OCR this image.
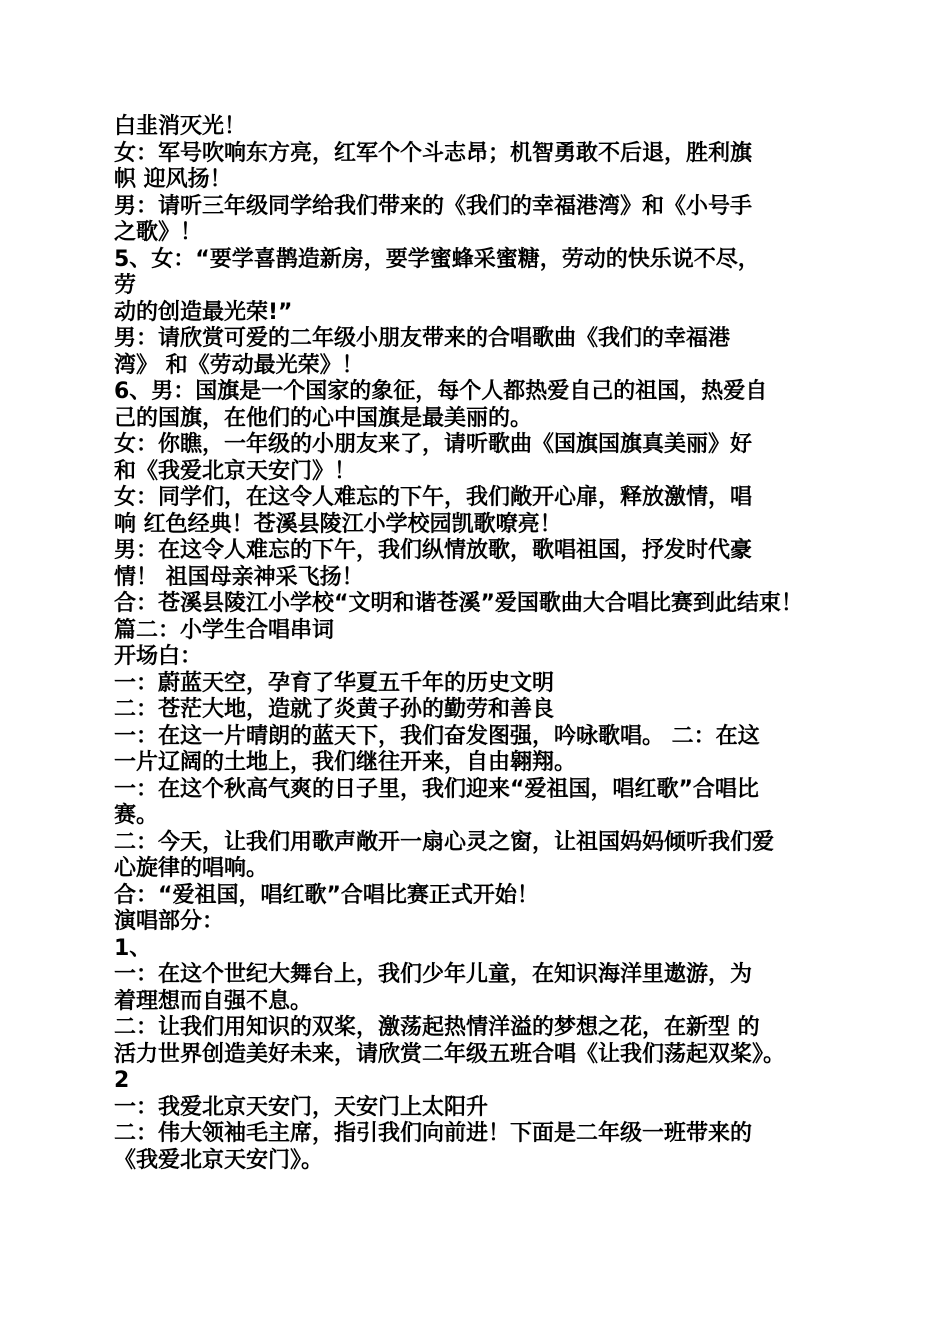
白韭消灭光！
女：军号吹响东方亮，红军个个斗志昂；机智勇敢不后退，胜利旗
帜 迎风扬！
男：请听三年级同学给我们带来的《我们的幸福港湾》和《小号手
之歌》！
5、女：“要学喜鹊造新房，要学蜜蜂采蜜糖，劳动的快乐说不尽，
劳
动的创造最光荣!”
男：请欣赏可爱的二年级小朋友带来的合唱歌曲《我们的幸福港
湾》 和《劳动最光荣》！
6、男：国旗是一个国家的象征，每个人都热爱自己的祖国，热爱自
己的国旗，在他们的心中国旗是最美丽的。
女：你瞧，一年级的小朋友来了，请听歌曲《国旗国旗真美丽》好
和《我爱北京天安门》！
女：同学们，在这令人难忘的下午，我们敞开心扉，释放激情，唱
响 红色经典！苍溪县陵江小学校园凯歌嘹亮！
男：在这令人难忘的下午，我们纵情放歌，歌唱祖国，抒发时代豪
情！ 祖国母亲神采飞扬！
合：苍溪县陵江小学校“文明和谐苍溪”爱国歌曲大合唱比赛到此结束！
篇二：小学生合唱串词
开场白：
一：蔚蓝天空，孕育了华夏五千年的历史文明
二：苍茫大地，造就了炎黄子孙的勤劳和善良
一：在这一片晴朗的蓝天下，我们奋发图强，吟咏歌唱。 二：在这
一片辽阔的土地上，我们继往开来，自由翱翔。
一：在这个秋高气爽的日子里，我们迎来“爱祖国，唱红歌”合唱比
赛。
二：今天，让我们用歌声敞开一扇心灵之窗，让祖国妈妈倾听我们爱
心旋律的唱响。
合：“爱祖国，唱红歌”合唱比赛正式开始！
演唱部分：
1、
一：在这个世纪大舞台上，我们少年儿童，在知识海洋里遨游，为
着理想而自强不息。
二：让我们用知识的双桨，激荡起热情洋溢的梦想之花，在新型 的
活力世界创造美好未来，请欣赏二年级五班合唱《让我们荡起双桨》。
2
一：我爱北京天安门，天安门上太阳升
二：伟大领袖毛主席，指引我们向前进！下面是二年级一班带来的
《我爱北京天安门》。
